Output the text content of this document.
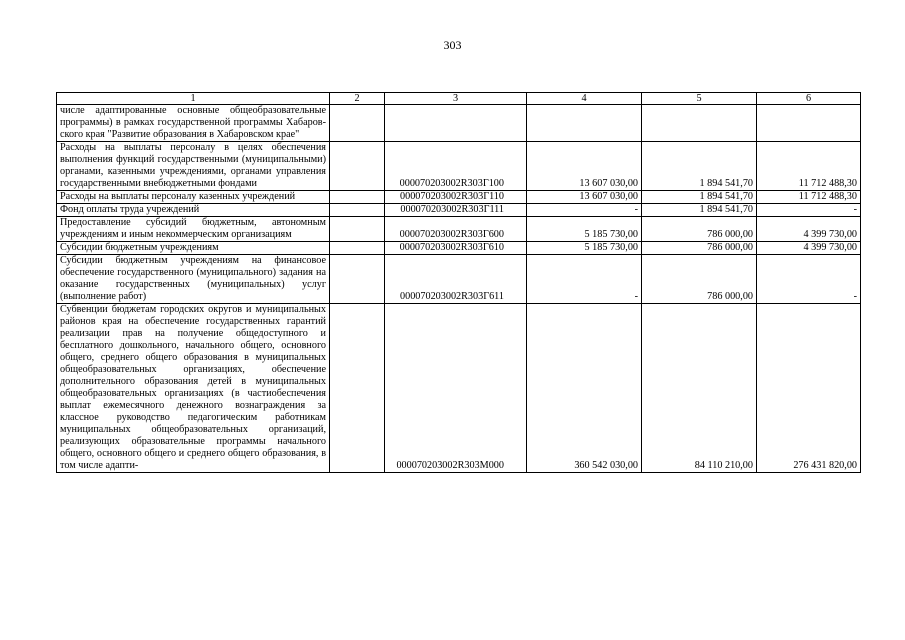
303
1	2	3	4	5	6
числе адаптированные основные общеобразовательные программы) в рамках государственной программы Хабаров-ского края "Развитие образования в Хабаровском крае"					
Расходы на выплаты персоналу в целях обеспечения выполнения функций государственными (муниципальными) органами, казенными учреждениями, органами управления государственными внебюджетными фондами		000070203002R303Г100	13 607 030,00	1 894 541,70	11 712 488,30
Расходы на выплаты персоналу казенных учреждений		000070203002R303Г110	13 607 030,00	1 894 541,70	11 712 488,30
Фонд оплаты труда учреждений		000070203002R303Г111	-	1 894 541,70	-
Предоставление субсидий бюджетным, автономным учреждениям и иным некоммерческим организациям		000070203002R303Г600	5 185 730,00	786 000,00	4 399 730,00
Субсидии бюджетным учреждениям		000070203002R303Г610	5 185 730,00	786 000,00	4 399 730,00
Субсидии бюджетным учреждениям на финансовое обеспечение государственного (муниципального) задания на оказание государственных (муниципальных) услуг (выполнение работ)		000070203002R303Г611	-	786 000,00	-
Субвенции бюджетам городских округов и муниципальных районов края на обеспечение государственных гарантий реализации прав на получение общедоступного и бесплатного дошкольного, начального общего, основного общего, среднего общего образования в муниципальных общеобразовательных организациях, обеспечение дополнительного образования детей в муниципальных общеобразовательных организациях (в частиобеспечения выплат ежемесячного денежного вознаграждения за классное руководство педагогическим работникам муниципальных общеобразовательных организаций, реализующих образовательные программы начального общего, основного общего и среднего общего образования, в том числе адапти-		000070203002R303М000	360 542 030,00	84 110 210,00	276 431 820,00
